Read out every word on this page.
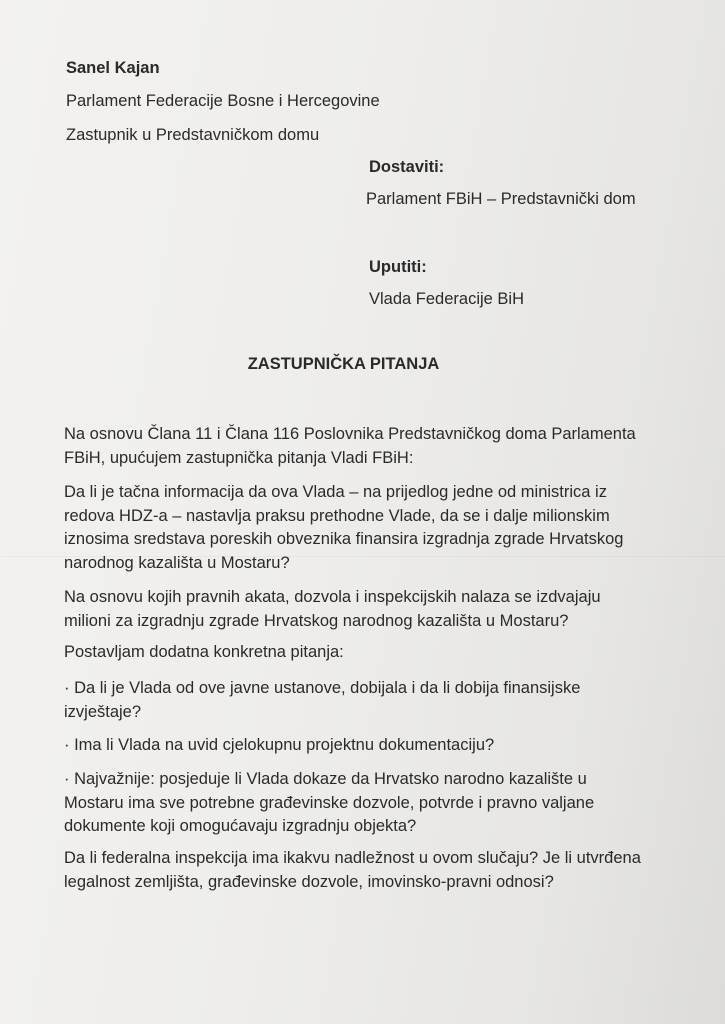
Sanel Kajan

Parlament Federacije Bosne i Hercegovine

Zastupnik u Predstavničkom domu

Dostaviti:

Parlament FBiH – Predstavnički dom

Uputiti:

Vlada Federacije BiH

ZASTUPNIČKA PITANJA

Na osnovu Člana 11 i Člana 116 Poslovnika Predstavničkog doma Parlamenta
FBiH, upućujem zastupnička pitanja Vladi FBiH:

Da li je tačna informacija da ova Vlada – na prijedlog jedne od ministrica iz
redova HDZ-a – nastavlja praksu prethodne Vlade, da se i dalje milionskim
iznosima sredstava poreskih obveznika finansira izgradnja zgrade Hrvatskog
narodnog kazališta u Mostaru?

Na osnovu kojih pravnih akata, dozvola i inspekcijskih nalaza se izdvajaju
milioni za izgradnju zgrade Hrvatskog narodnog kazališta u Mostaru?

Postavljam dodatna konkretna pitanja:

· Da li je Vlada od ove javne ustanove, dobijala i da li dobija finansijske
izvještaje?

· Ima li Vlada na uvid cjelokupnu projektnu dokumentaciju?

· Najvažnije: posjeduje li Vlada dokaze da Hrvatsko narodno kazalište u
Mostaru ima sve potrebne građevinske dozvole, potvrde i pravno valjane
dokumente koji omogućavaju izgradnju objekta?

Da li federalna inspekcija ima ikakvu nadležnost u ovom slučaju? Je li utvrđena
legalnost zemljišta, građevinske dozvole, imovinsko-pravni odnosi?
